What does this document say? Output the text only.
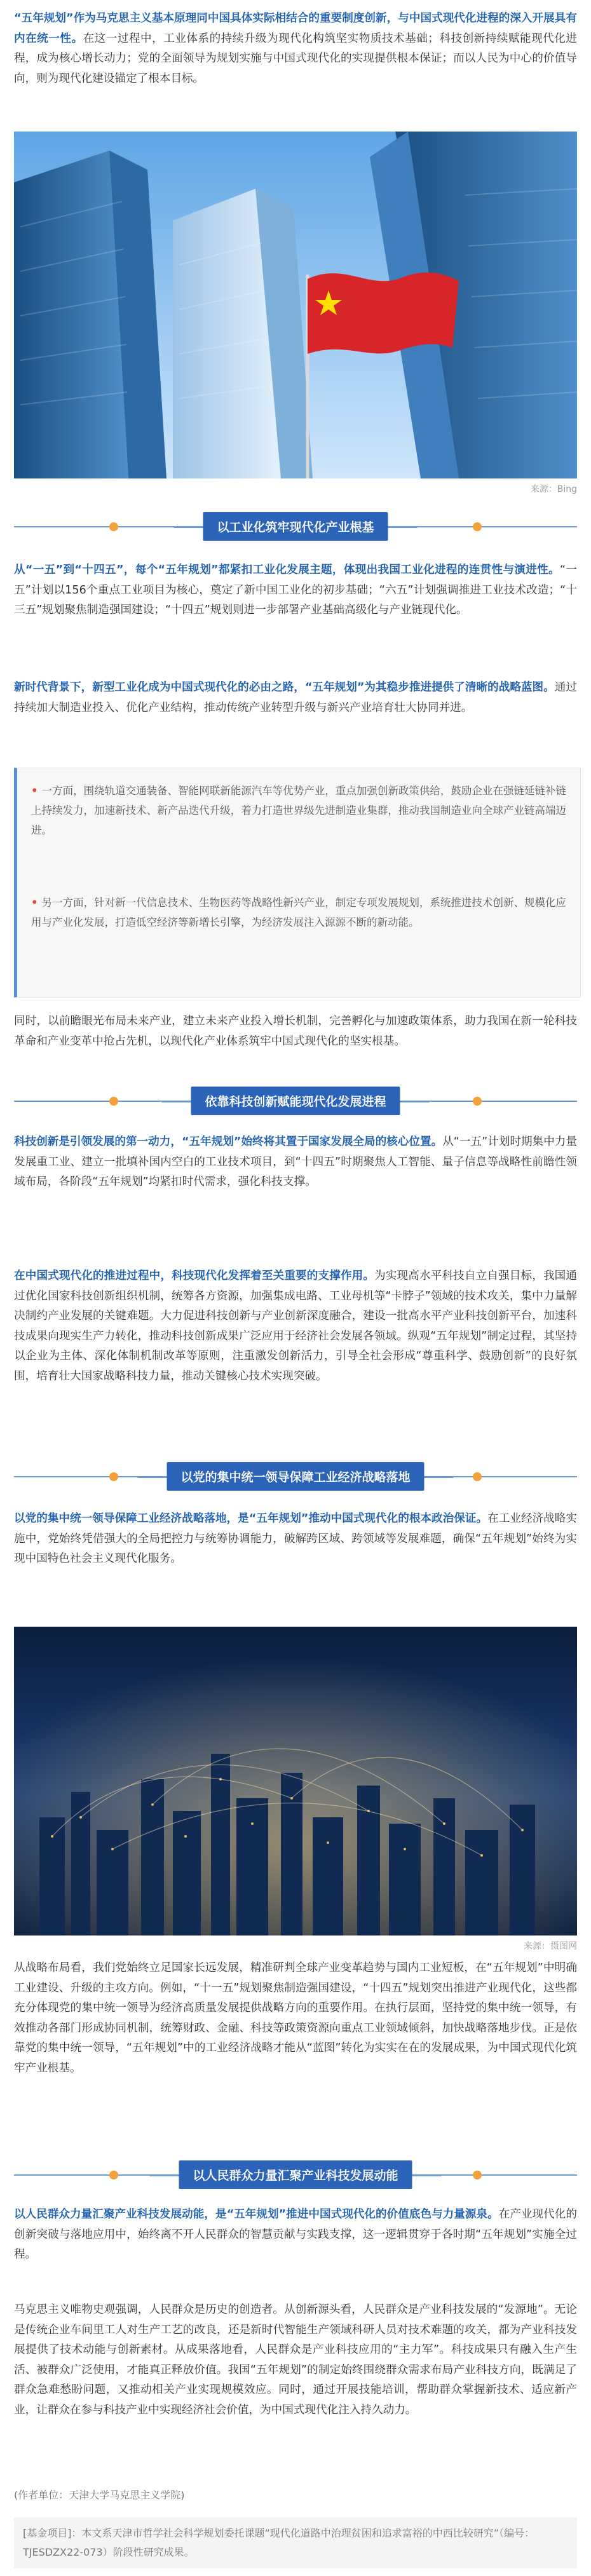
“五年规划”作为马克思主义基本原理同中国具体实际相结合的重要制度创新，与中国式现代化进程的深入开展具有内在统一性。在这一过程中，工业体系的持续升级为现代化构筑坚实物质技术基础；科技创新持续赋能现代化进程，成为核心增长动力；党的全面领导为规划实施与中国式现代化的实现提供根本保证；而以人民为中心的价值导向，则为现代化建设锚定了根本目标。
来源：Bing
以工业化筑牢现代化产业根基
从“一五”到“十四五”，每个“五年规划”都紧扣工业化发展主题，体现出我国工业化进程的连贯性与演进性。“一五”计划以156个重点工业项目为核心，奠定了新中国工业化的初步基础；“六五”计划强调推进工业技术改造；“十三五”规划聚焦制造强国建设；“十四五”规划则进一步部署产业基础高级化与产业链现代化。
新时代背景下，新型工业化成为中国式现代化的必由之路，“五年规划”为其稳步推进提供了清晰的战略蓝图。通过持续加大制造业投入、优化产业结构，推动传统产业转型升级与新兴产业培育壮大协同并进。

• 一方面，围绕轨道交通装备、智能网联新能源汽车等优势产业，重点加强创新政策供给，鼓励企业在强链延链补链上持续发力，加速新技术、新产品迭代升级，着力打造世界级先进制造业集群，推动我国制造业向全球产业链高端迈进。

• 另一方面，针对新一代信息技术、生物医药等战略性新兴产业，制定专项发展规划，系统推进技术创新、规模化应用与产业化发展，打造低空经济等新增长引擎，为经济发展注入源源不断的新动能。

同时，以前瞻眼光布局未来产业，建立未来产业投入增长机制，完善孵化与加速政策体系，助力我国在新一轮科技革命和产业变革中抢占先机，以现代化产业体系筑牢中国式现代化的坚实根基。
依靠科技创新赋能现代化发展进程
科技创新是引领发展的第一动力，“五年规划”始终将其置于国家发展全局的核心位置。从“一五”计划时期集中力量发展重工业、建立一批填补国内空白的工业技术项目，到“十四五”时期聚焦人工智能、量子信息等战略性前瞻性领域布局，各阶段“五年规划”均紧扣时代需求，强化科技支撑。
在中国式现代化的推进过程中，科技现代化发挥着至关重要的支撑作用。为实现高水平科技自立自强目标，我国通过优化国家科技创新组织机制，统筹各方资源，加强集成电路、工业母机等“卡脖子”领域的技术攻关，集中力量解决制约产业发展的关键难题。大力促进科技创新与产业创新深度融合，建设一批高水平产业科技创新平台，加速科技成果向现实生产力转化，推动科技创新成果广泛应用于经济社会发展各领域。纵观“五年规划”制定过程，其坚持以企业为主体、深化体制机制改革等原则，注重激发创新活力，引导全社会形成“尊重科学、鼓励创新”的良好氛围，培育壮大国家战略科技力量，推动关键核心技术实现突破。
以党的集中统一领导保障工业经济战略落地
以党的集中统一领导保障工业经济战略落地，是“五年规划”推动中国式现代化的根本政治保证。在工业经济战略实施中，党始终凭借强大的全局把控力与统筹协调能力，破解跨区域、跨领域等发展难题，确保“五年规划”始终为实现中国特色社会主义现代化服务。
来源：摄图网
从战略布局看，我们党始终立足国家长远发展，精准研判全球产业变革趋势与国内工业短板，在“五年规划”中明确工业建设、升级的主攻方向。例如，“十一五”规划聚焦制造强国建设，“十四五”规划突出推进产业现代化，这些都充分体现党的集中统一领导为经济高质量发展提供战略方向的重要作用。在执行层面，坚持党的集中统一领导，有效推动各部门形成协同机制，统筹财政、金融、科技等政策资源向重点工业领域倾斜，加快战略落地步伐。正是依靠党的集中统一领导，“五年规划”中的工业经济战略才能从“蓝图”转化为实实在在的发展成果，为中国式现代化筑牢产业根基。
以人民群众力量汇聚产业科技发展动能
以人民群众力量汇聚产业科技发展动能，是“五年规划”推进中国式现代化的价值底色与力量源泉。在产业现代化的创新突破与落地应用中，始终离不开人民群众的智慧贡献与实践支撑，这一逻辑贯穿于各时期“五年规划”实施全过程。
马克思主义唯物史观强调，人民群众是历史的创造者。从创新源头看，人民群众是产业科技发展的“发源地”。无论是传统企业车间里工人对生产工艺的改良，还是新时代智能生产领域科研人员对技术难题的攻关，都为产业科技发展提供了技术动能与创新素材。从成果落地看，人民群众是产业科技应用的“主力军”。科技成果只有融入生产生活、被群众广泛使用，才能真正释放价值。我国“五年规划”的制定始终围绕群众需求布局产业科技方向，既满足了群众急难愁盼问题，又推动相关产业实现规模效应。同时，通过开展技能培训，帮助群众掌握新技术、适应新产业，让群众在参与科技产业中实现经济社会价值，为中国式现代化注入持久动力。
(作者单位：天津大学马克思主义学院)
[基金项目]：本文系天津市哲学社会科学规划委托课题“现代化道路中治理贫困和追求富裕的中西比较研究”（编号：TJESDZX22-073）阶段性研究成果。
